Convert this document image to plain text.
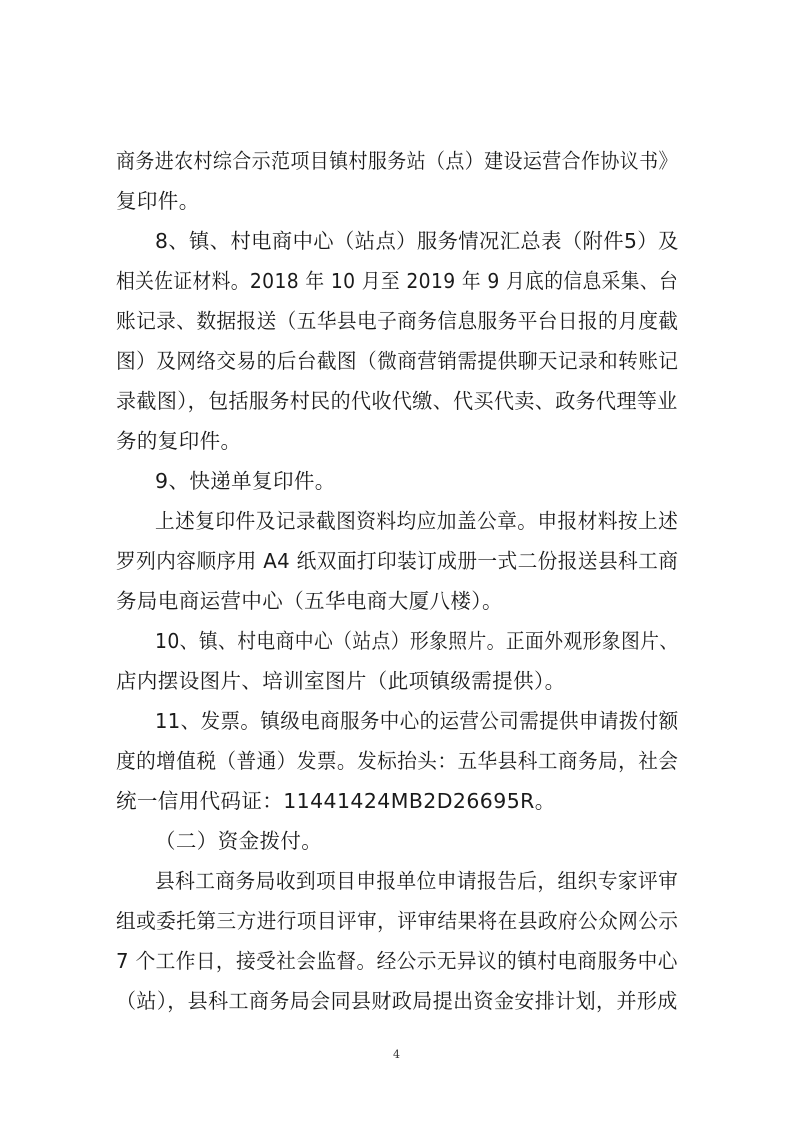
商务进农村综合示范项目镇村服务站（点）建设运营合作协议书》
复印件。
8、镇、村电商中心（站点）服务情况汇总表（附件5）及
相关佐证材料。2018 年 10 月至 2019 年 9 月底的信息采集、台
账记录、数据报送（五华县电子商务信息服务平台日报的月度截
图）及网络交易的后台截图（微商营销需提供聊天记录和转账记
录截图），包括服务村民的代收代缴、代买代卖、政务代理等业
务的复印件。
9、快递单复印件。
上述复印件及记录截图资料均应加盖公章。申报材料按上述
罗列内容顺序用 A4 纸双面打印装订成册一式二份报送县科工商
务局电商运营中心（五华电商大厦八楼）。
10、镇、村电商中心（站点）形象照片。正面外观形象图片、
店内摆设图片、培训室图片（此项镇级需提供）。
11、发票。镇级电商服务中心的运营公司需提供申请拨付额
度的增值税（普通）发票。发标抬头：五华县科工商务局，社会
统一信用代码证：11441424MB2D26695R。
（二）资金拨付。
县科工商务局收到项目申报单位申请报告后，组织专家评审
组或委托第三方进行项目评审，评审结果将在县政府公众网公示
7 个工作日，接受社会监督。经公示无异议的镇村电商服务中心
（站），县科工商务局会同县财政局提出资金安排计划，并形成
4
